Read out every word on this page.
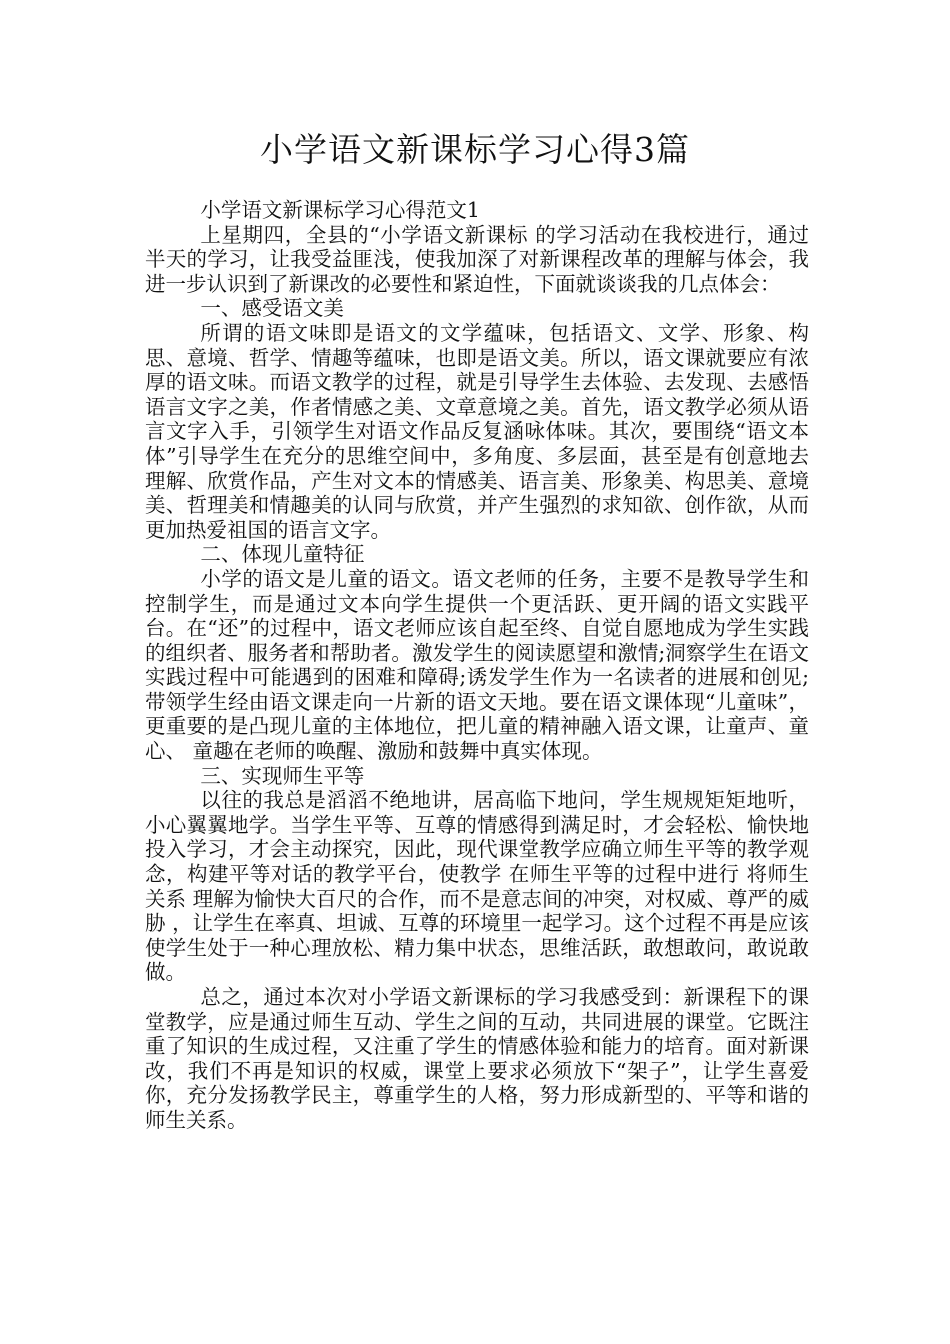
小学语文新课标学习心得3篇

小学语文新课标学习心得范文1

上星期四，全县的“小学语文新课标 的学习活动在我校进行，通过半天的学习，让我受益匪浅，使我加深了对新课程改革的理解与体会，我进一步认识到了新课改的必要性和紧迫性，下面就谈谈我的几点体会：

一、感受语文美

所谓的语文味即是语文的文学蕴味，包括语文、文学、形象、构思、意境、哲学、情趣等蕴味，也即是语文美。所以，语文课就要应有浓厚的语文味。而语文教学的过程，就是引导学生去体验、去发现、去感悟语言文字之美，作者情感之美、文章意境之美。首先，语文教学必须从语言文字入手，引领学生对语文作品反复涵咏体味。其次，要围绕“语文本体”引导学生在充分的思维空间中，多角度、多层面，甚至是有创意地去理解、欣赏作品，产生对文本的情感美、语言美、形象美、构思美、意境美、哲理美和情趣美的认同与欣赏，并产生强烈的求知欲、创作欲，从而更加热爱祖国的语言文字。

二、体现儿童特征

小学的语文是儿童的语文。语文老师的任务，主要不是教导学生和控制学生，而是通过文本向学生提供一个更活跃、更开阔的语文实践平台。在“还”的过程中，语文老师应该自起至终、自觉自愿地成为学生实践的组织者、服务者和帮助者。激发学生的阅读愿望和激情;洞察学生在语文实践过程中可能遇到的困难和障碍;诱发学生作为一名读者的进展和创见;带领学生经由语文课走向一片新的语文天地。要在语文课体现“儿童味”，更重要的是凸现儿童的主体地位，把儿童的精神融入语文课，让童声、童心、 童趣在老师的唤醒、激励和鼓舞中真实体现。

三、实现师生平等

以往的我总是滔滔不绝地讲，居高临下地问，学生规规矩矩地听，小心翼翼地学。当学生平等、互尊的情感得到满足时，才会轻松、愉快地投入学习，才会主动探究，因此，现代课堂教学应确立师生平等的教学观念，构建平等对话的教学平台，使教学 在师生平等的过程中进行 将师生关系 理解为愉快大百尺的合作，而不是意志间的冲突，对权威、尊严的威胁 ，让学生在率真、坦诚、互尊的环境里一起学习。这个过程不再是应该使学生处于一种心理放松、精力集中状态，思维活跃，敢想敢问，敢说敢做。

总之，通过本次对小学语文新课标的学习我感受到：新课程下的课堂教学，应是通过师生互动、学生之间的互动，共同进展的课堂。它既注重了知识的生成过程，又注重了学生的情感体验和能力的培育。面对新课改，我们不再是知识的权威，课堂上要求必须放下“架子”，让学生喜爱你，充分发扬教学民主，尊重学生的人格，努力形成新型的、平等和谐的师生关系。
